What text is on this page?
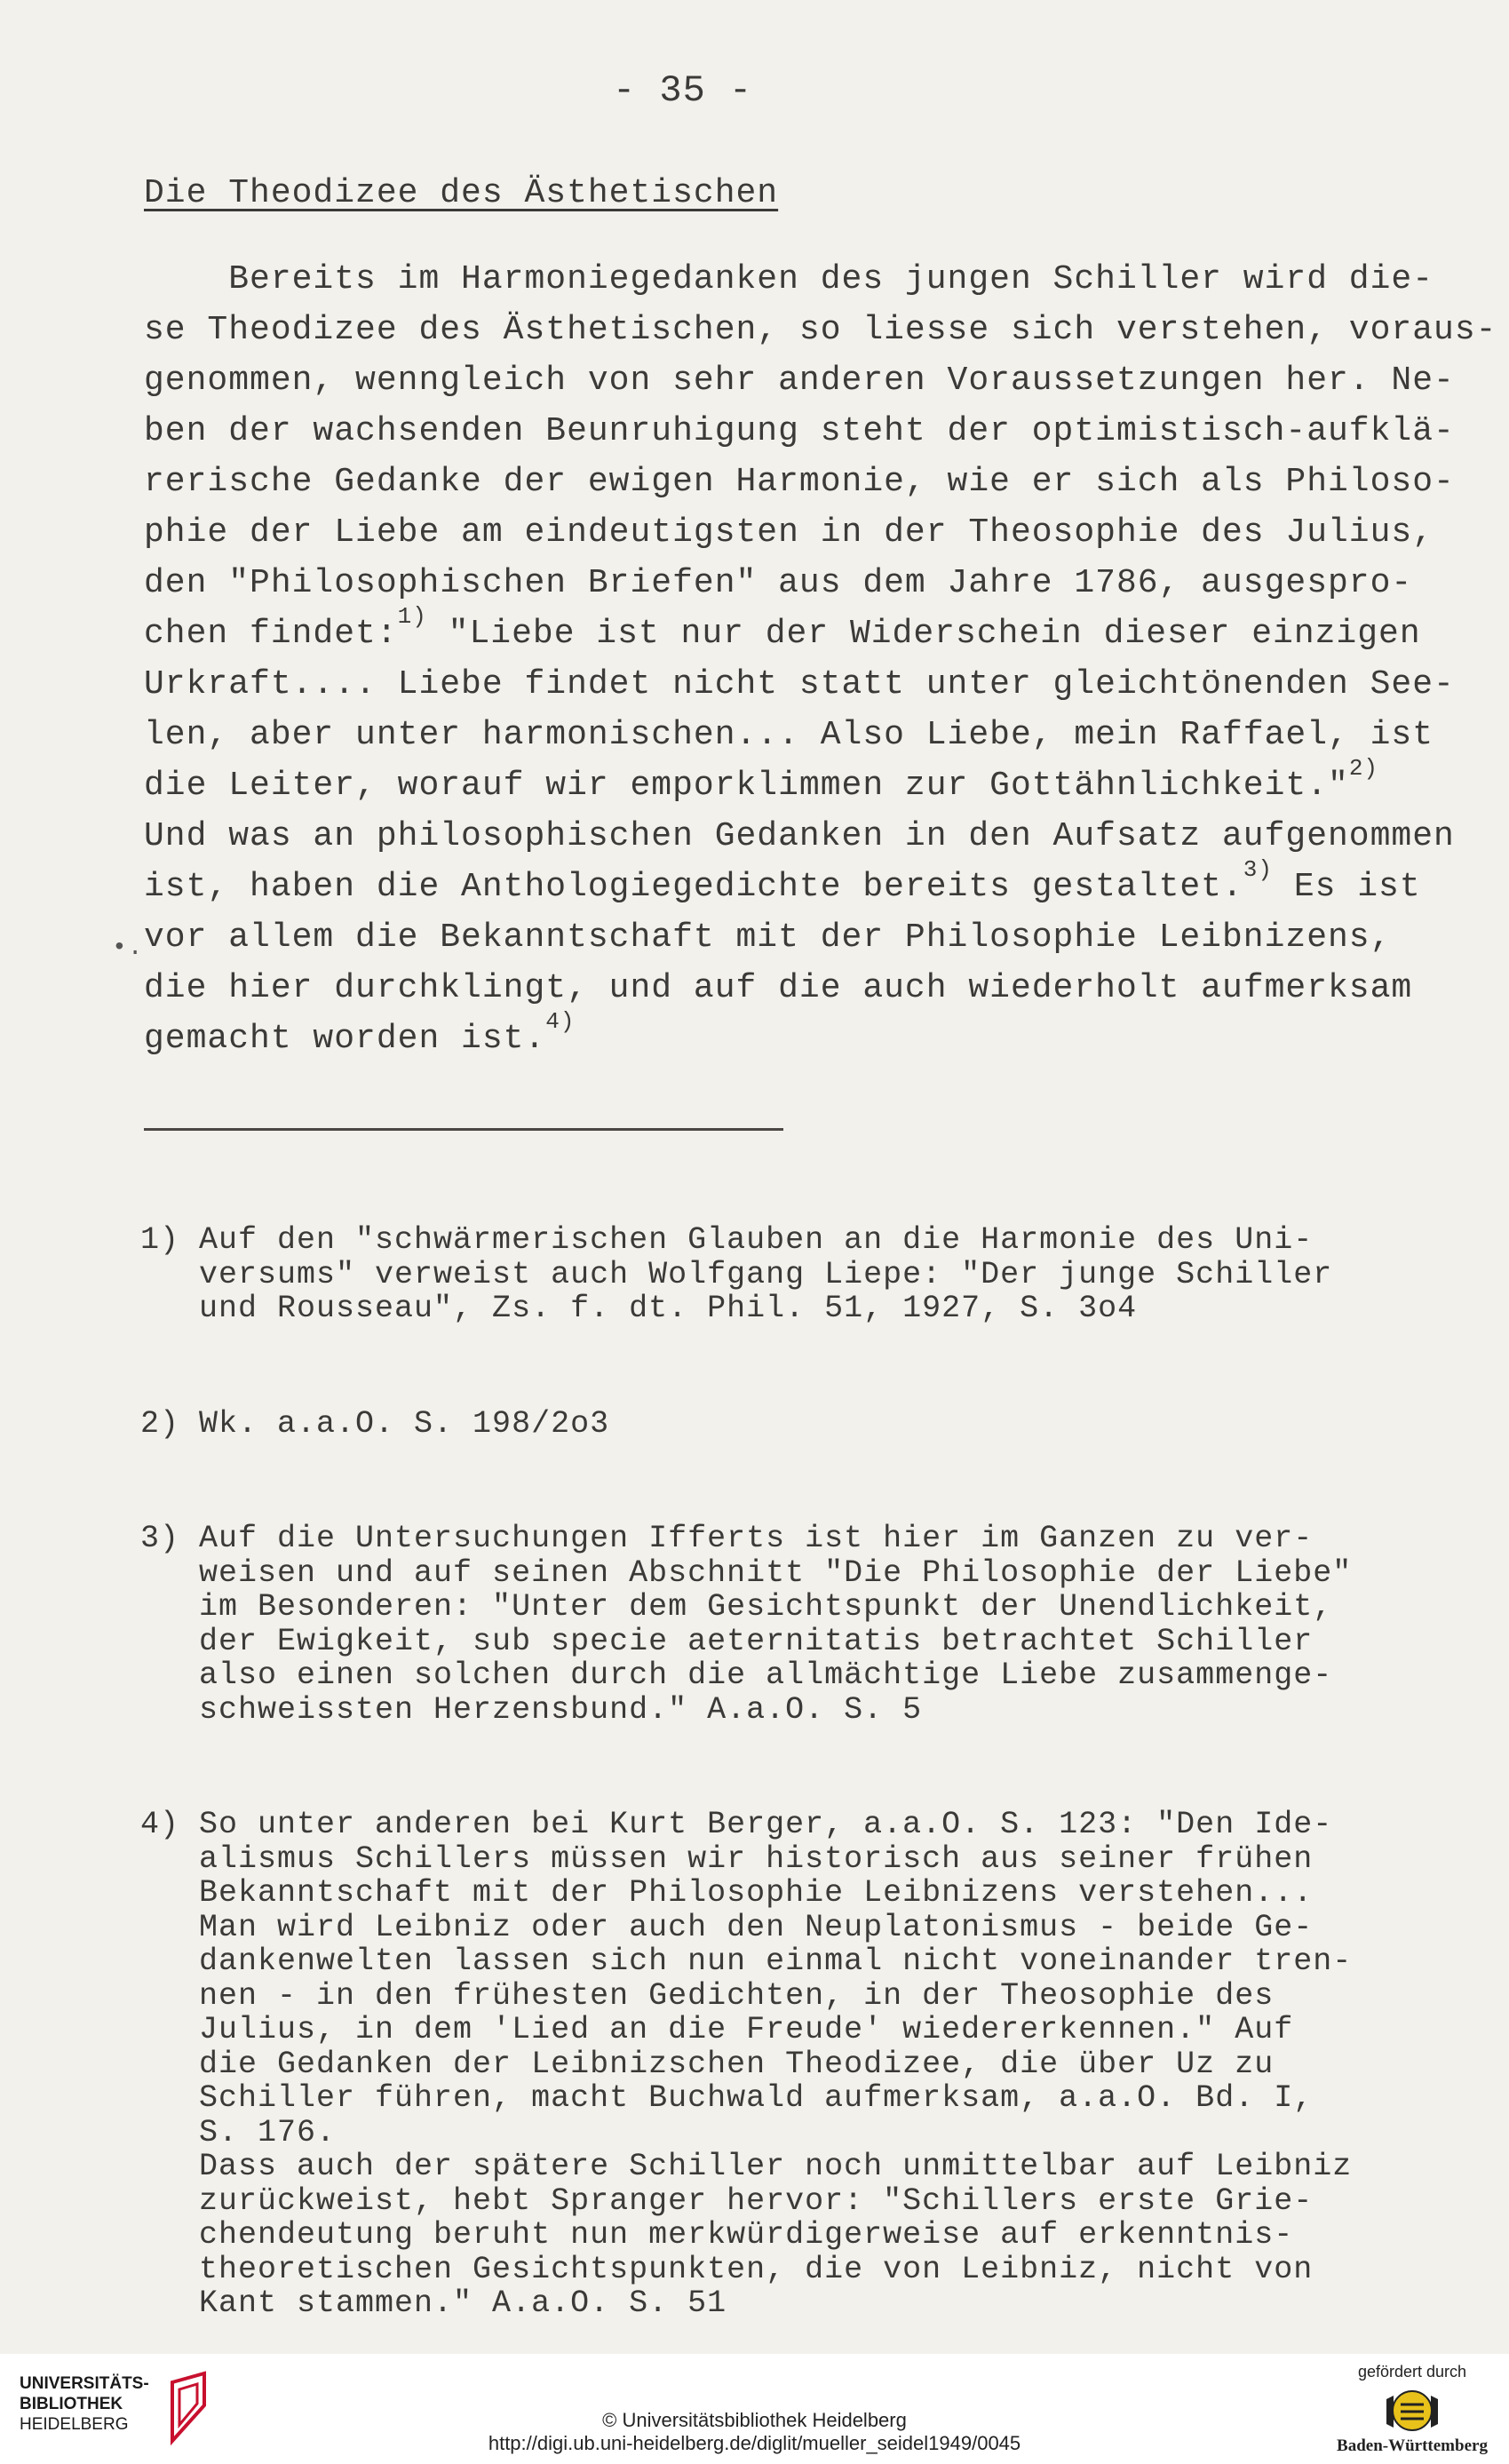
- 35 -
Die Theodizee des Ästhetischen
•.
Bereits im Harmoniegedanken des jungen Schiller wird die-
se Theodizee des Ästhetischen, so liesse sich verstehen, voraus-
genommen, wenngleich von sehr anderen Voraussetzungen her. Ne-
ben der wachsenden Beunruhigung steht der optimistisch-aufklä-
rerische Gedanke der ewigen Harmonie, wie er sich als Philoso-
phie der Liebe am eindeutigsten in der Theosophie des Julius,
den "Philosophischen Briefen" aus dem Jahre 1786, ausgespro-
chen findet:$^{1)}$ "Liebe ist nur der Widerschein dieser einzigen
Urkraft.... Liebe findet nicht statt unter gleichtönenden See-
len, aber unter harmonischen... Also Liebe, mein Raffael, ist
die Leiter, worauf wir emporklimmen zur Gottähnlichkeit."$^{2)}$
Und was an philosophischen Gedanken in den Aufsatz aufgenommen
ist, haben die Anthologiegedichte bereits gestaltet.$^{3)}$ Es ist
vor allem die Bekanntschaft mit der Philosophie Leibnizens,
die hier durchklingt, und auf die auch wiederholt aufmerksam
gemacht worden ist.$^{4)}$

1) Auf den "schwärmerischen Glauben an die Harmonie des Uni-
versums" verweist auch Wolfgang Liepe: "Der junge Schiller
und Rousseau", Zs. f. dt. Phil. 51, 1927, S. 3o4

2) Wk. a.a.O. S. 198/2o3

3) Auf die Untersuchungen Ifferts ist hier im Ganzen zu ver-
weisen und auf seinen Abschnitt "Die Philosophie der Liebe"
im Besonderen: "Unter dem Gesichtspunkt der Unendlichkeit,
der Ewigkeit, sub specie aeternitatis betrachtet Schiller
also einen solchen durch die allmächtige Liebe zusammenge-
schweissten Herzensbund." A.a.O. S. 5

4) So unter anderen bei Kurt Berger, a.a.O. S. 123: "Den Ide-
alismus Schillers müssen wir historisch aus seiner frühen
Bekanntschaft mit der Philosophie Leibnizens verstehen...
Man wird Leibniz oder auch den Neuplatonismus - beide Ge-
dankenwelten lassen sich nun einmal nicht voneinander tren-
nen - in den frühesten Gedichten, in der Theosophie des
Julius, in dem 'Lied an die Freude' wiedererkennen." Auf
die Gedanken der Leibnizschen Theodizee, die über Uz zu
Schiller führen, macht Buchwald aufmerksam, a.a.O. Bd. I,
S. 176.
Dass auch der spätere Schiller noch unmittelbar auf Leibniz
zurückweist, hebt Spranger hervor: "Schillers erste Grie-
chendeutung beruht nun merkwürdigerweise auf erkenntnis-
theoretischen Gesichtspunkten, die von Leibniz, nicht von
Kant stammen." A.a.O. S. 51

UNIVERSITÄTS-
BIBLIOTHEK
HEIDELBERG	© Universitätsbibliothek Heidelberg
http://digi.ub.uni-heidelberg.de/diglit/mueller_seidel1949/0045
gefördert durch
Baden-Württemberg
